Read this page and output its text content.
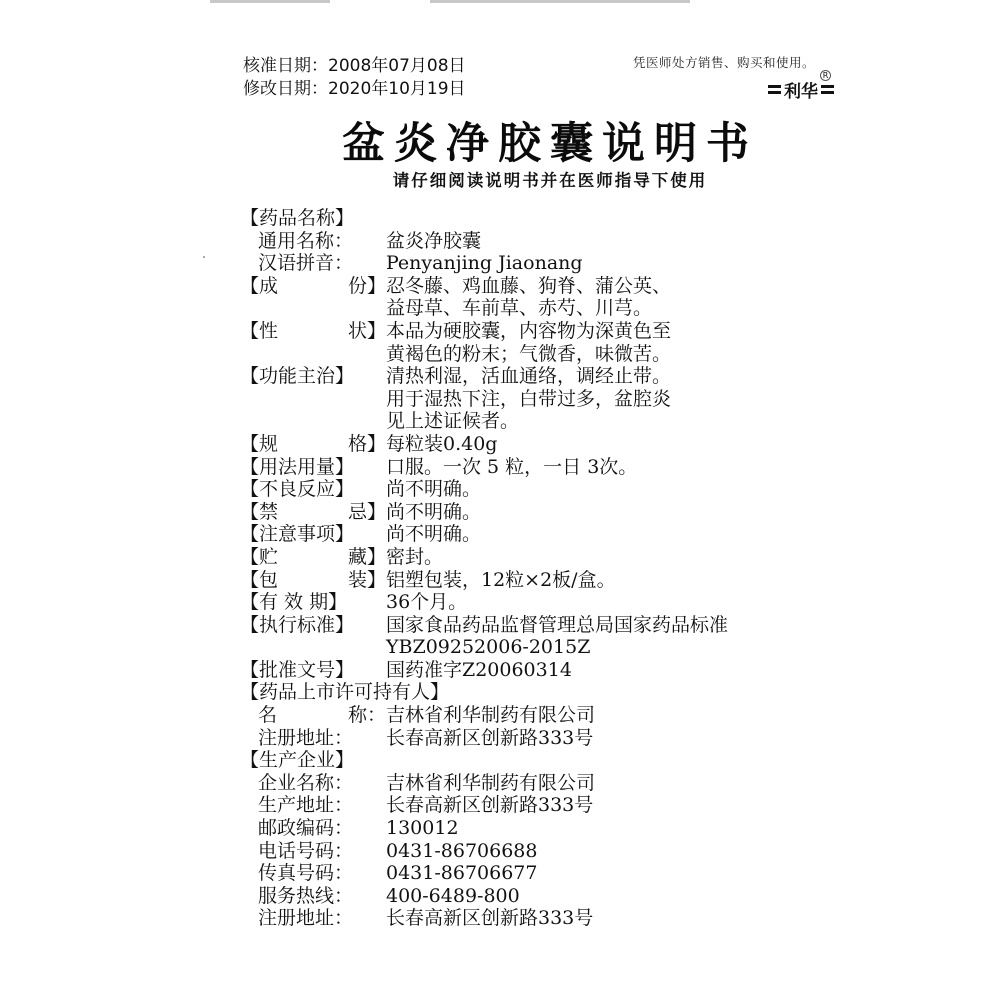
核准日期：2008年07月08日
修改日期：2020年10月19日
凭医师处方销售、购买和使用。
利华
R
盆炎净胶囊说明书
请仔细阅读说明书并在医师指导下使用
【药品名称】
通用名称： 盆炎净胶囊
汉语拼音： Penyanjing Jiaonang
【成	份】 忍冬藤、鸡血藤、狗脊、蒲公英、
益母草、车前草、赤芍、川芎。
【性	状】 本品为硬胶囊，内容物为深黄色至
黄褐色的粉末；气微香，味微苦。
【功能主治】	清热利湿，活血通络，调经止带。
用于湿热下注，白带过多，盆腔炎
见上述证候者。
【规	格】 每粒装0.40g
【用法用量】	口服。一次 5 粒，一日 3次。
【不良反应】	尚不明确。
【禁	忌】 尚不明确。
【注意事项】	尚不明确。
【贮	藏】 密封。
【包	装】 铝塑包装，12粒×2板/盒。
【有 效 期】	36个月。
【执行标准】	国家食品药品监督管理总局国家药品标准
YBZ09252006-2015Z
【批准文号】	国药准字Z20060314
【药品上市许可持有人】
名	称： 吉林省利华制药有限公司
注册地址：	长春高新区创新路333号
【生产企业】
企业名称：	吉林省利华制药有限公司
生产地址：	长春高新区创新路333号
邮政编码：	130012
电话号码：	0431-86706688
传真号码：	0431-86706677
服务热线：	400-6489-800
注册地址：	长春高新区创新路333号
